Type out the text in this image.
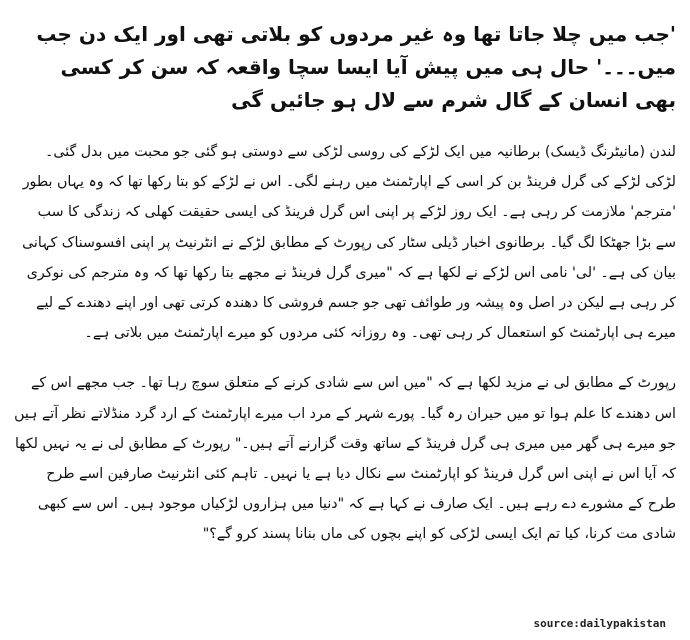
'جب میں چلا جاتا تھا وہ غیر مردوں کو بلاتی تھی اور ایک دن جب میں۔۔۔' حال ہی میں پیش آیا ایسا سچا واقعہ کہ سن کر کسی بھی انسان کے گال شرم سے لال ہو جائیں گی
لندن (مانیٹرنگ ڈیسک) برطانیہ میں ایک لڑکے کی روسی لڑکی سے دوستی ہو گئی جو محبت میں بدل گئی۔ لڑکی لڑکے کی گرل فرینڈ بن کر اسی کے اپارٹمنٹ میں رہنے لگی۔ اس نے لڑکے کو بتا رکھا تھا کہ وہ یہاں بطور 'مترجم' ملازمت کر رہی ہے۔ ایک روز لڑکے پر اپنی اس گرل فرینڈ کی ایسی حقیقت کھلی کہ زندگی کا سب سے بڑا جھٹکا لگ گیا۔ برطانوی اخبار ڈیلی سٹار کی رپورٹ کے مطابق لڑکے نے انٹرنیٹ پر اپنی افسوسناک کہانی بیان کی ہے۔ 'لی' نامی اس لڑکے نے لکھا ہے کہ "میری گرل فرینڈ نے مجھے بتا رکھا تھا کہ وہ مترجم کی نوکری کر رہی ہے لیکن در اصل وہ پیشہ ور طوائف تھی جو جسم فروشی کا دھندہ کرتی تھی اور اپنے دھندے کے لیے میرے ہی اپارٹمنٹ کو استعمال کر رہی تھی۔ وہ روزانہ کئی مردوں کو میرے اپارٹمنٹ میں بلاتی ہے۔
رپورٹ کے مطابق لی نے مزید لکھا ہے کہ "میں اس سے شادی کرنے کے متعلق سوچ رہا تھا۔ جب مجھے اس کے اس دھندے کا علم ہوا تو میں حیران رہ گیا۔ پورے شہر کے مرد اب میرے اپارٹمنٹ کے ارد گرد منڈلاتے نظر آتے ہیں جو میرے ہی گھر میں میری ہی گرل فرینڈ کے ساتھ وقت گزارنے آتے ہیں۔" رپورٹ کے مطابق لی نے یہ نہیں لکھا کہ آیا اس نے اپنی اس گرل فرینڈ کو اپارٹمنٹ سے نکال دیا ہے یا نہیں۔ تاہم کئی انٹرنیٹ صارفین اسے طرح طرح کے مشورے دے رہے ہیں۔ ایک صارف نے کہا ہے کہ "دنیا میں ہزاروں لڑکیاں موجود ہیں۔ اس سے کبھی شادی مت کرنا، کیا تم ایک ایسی لڑکی کو اپنے بچوں کی ماں بنانا پسند کرو گے؟"
source:dailypakistan
